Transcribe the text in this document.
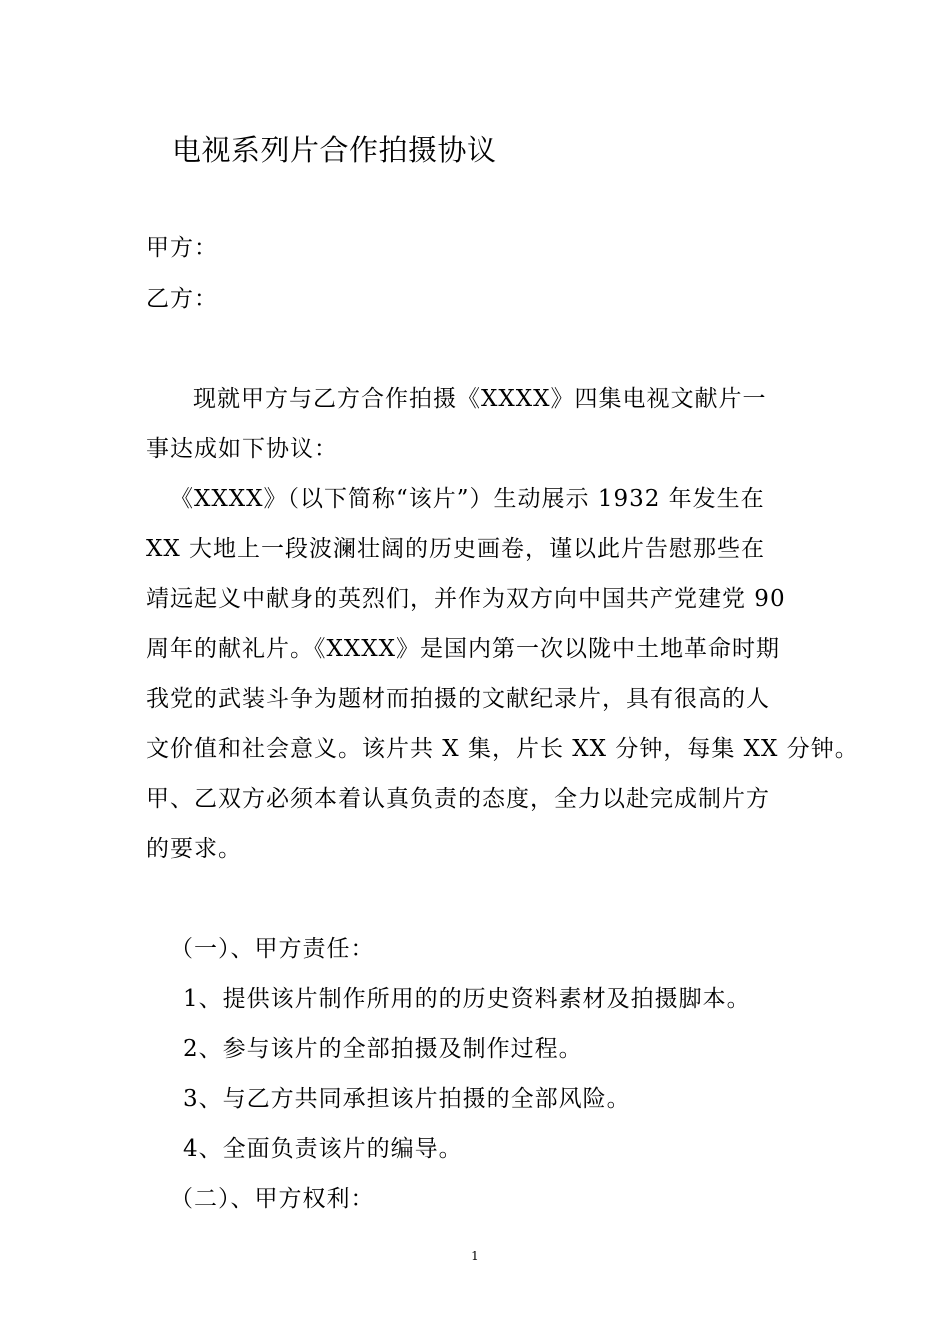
电视系列片合作拍摄协议
甲方：
乙方：
现就甲方与乙方合作拍摄《XXXX》四集电视文献片一
事达成如下协议：
《XXXX》（以下简称“该片”）生动展示 1932 年发生在
XX 大地上一段波澜壮阔的历史画卷，谨以此片告慰那些在
靖远起义中献身的英烈们，并作为双方向中国共产党建党 90
周年的献礼片。《XXXX》是国内第一次以陇中土地革命时期
我党的武装斗争为题材而拍摄的文献纪录片，具有很高的人
文价值和社会意义。该片共 X 集，片长 XX 分钟，每集 XX 分钟。
甲、乙双方必须本着认真负责的态度，全力以赴完成制片方
的要求。
（一）、甲方责任：
1、提供该片制作所用的的历史资料素材及拍摄脚本。
2、参与该片的全部拍摄及制作过程。
3、与乙方共同承担该片拍摄的全部风险。
4、全面负责该片的编导。
（二）、甲方权利：
1
